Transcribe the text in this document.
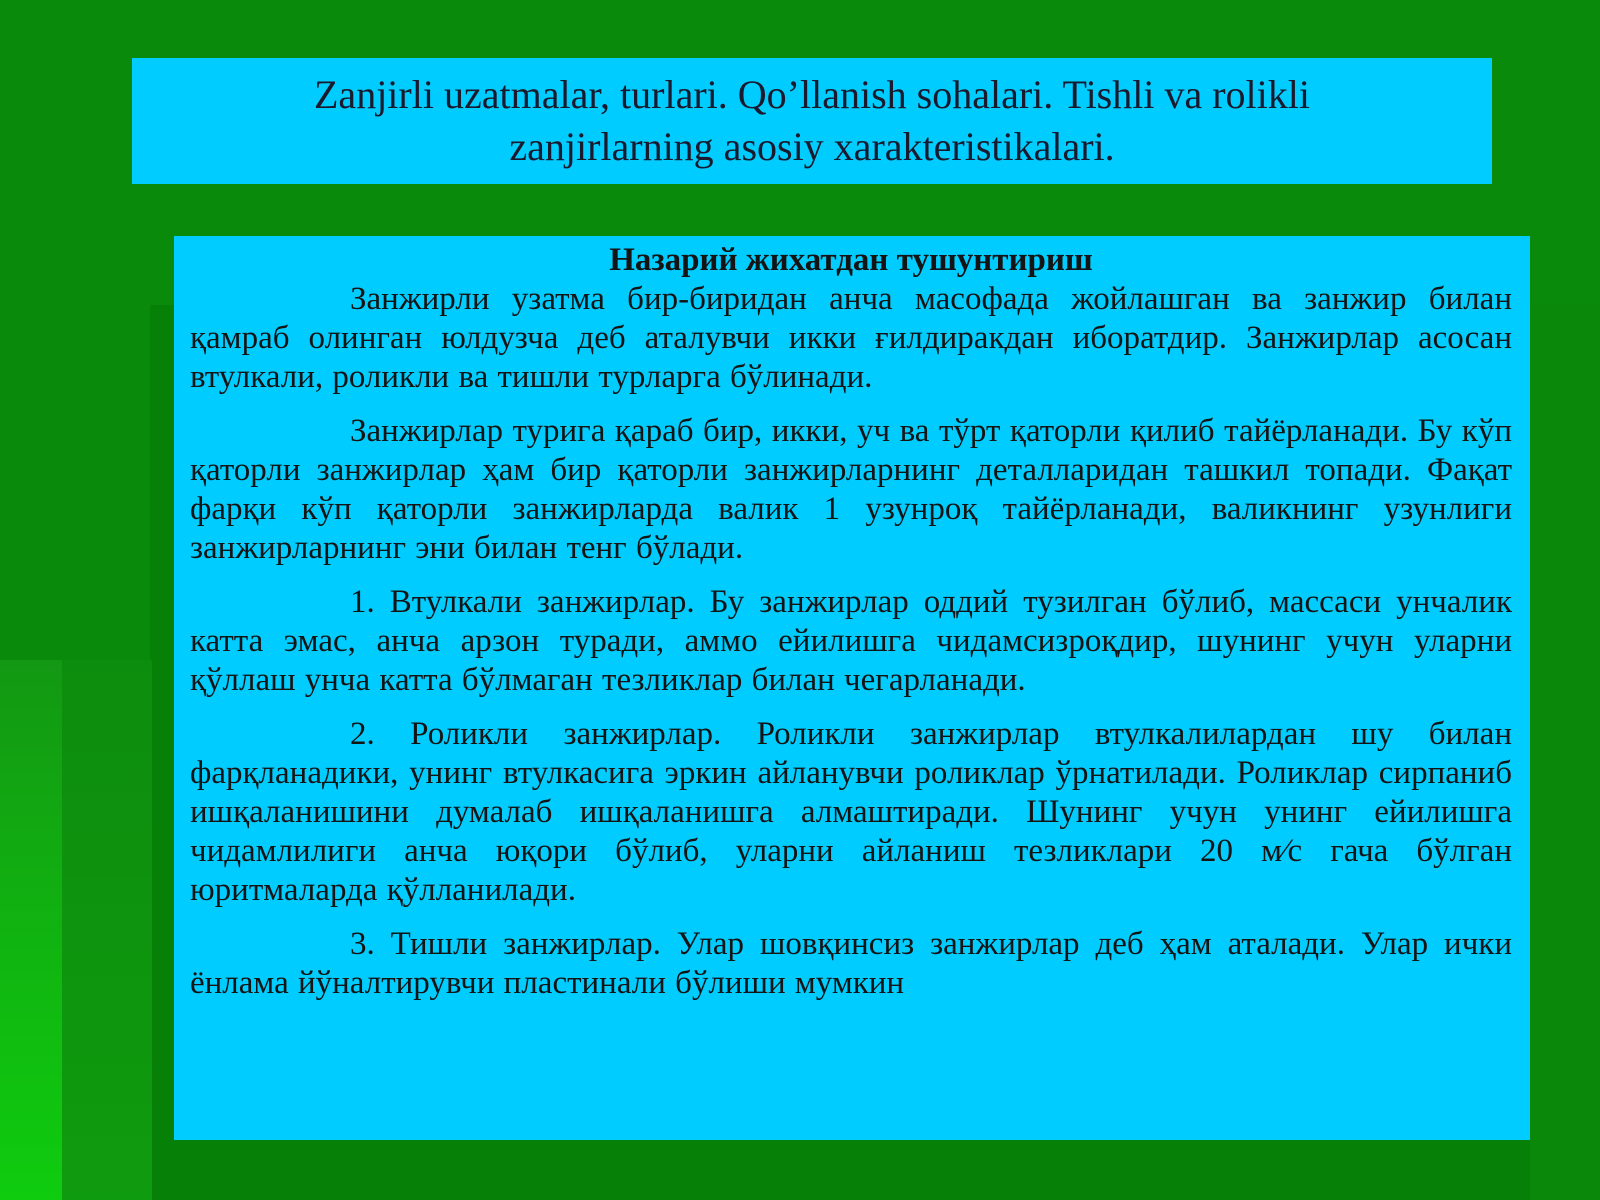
Zanjirli uzatmalar, turlari. Qo’llanish sohalari. Tishli va rolikli zanjirlarning asosiy xarakteristikalari.
Назарий жихатдан тушунтириш

Занжирли узатма бир-биридан анча масофада жойлашган ва занжир билан қамраб олинган юлдузча деб аталувчи икки ғилдиракдан иборатдир. Занжирлар асосан втулкали, роликли ва тишли турларга бўлинади.

Занжирлар турига қараб бир, икки, уч ва тўрт қаторли қилиб тайёрланади. Бу кўп қаторли занжирлар ҳам бир қаторли занжирларнинг деталларидан ташкил топади. Фақат фарқи кўп қаторли занжирларда валик 1 узунроқ тайёрланади, валикнинг узунлиги занжирларнинг эни билан тенг бўлади.

1. Втулкали занжирлар. Бу занжирлар оддий тузилган бўлиб, массаси унчалик катта эмас, анча арзон туради, аммо ейилишга чидамсизроқдир, шунинг учун уларни қўллаш унча катта бўлмаган тезликлар билан чегарланади.

2. Роликли занжирлар. Роликли занжирлар втулкалилардан шу билан фарқланадики, унинг втулкасига эркин айланувчи роликлар ўрнатилади. Роликлар сирпаниб ишқаланишини думалаб ишқаланишга алмаштиради. Шунинг учун унинг ейилишга чидамлилиги анча юқори бўлиб, уларни айланиш тезликлари 20 м⁄с гача бўлган юритмаларда қўлланилади.

3. Тишли занжирлар. Улар шовқинсиз занжирлар деб ҳам аталади. Улар ички ёнлама йўналтирувчи пластинали бўлиши мумкин
